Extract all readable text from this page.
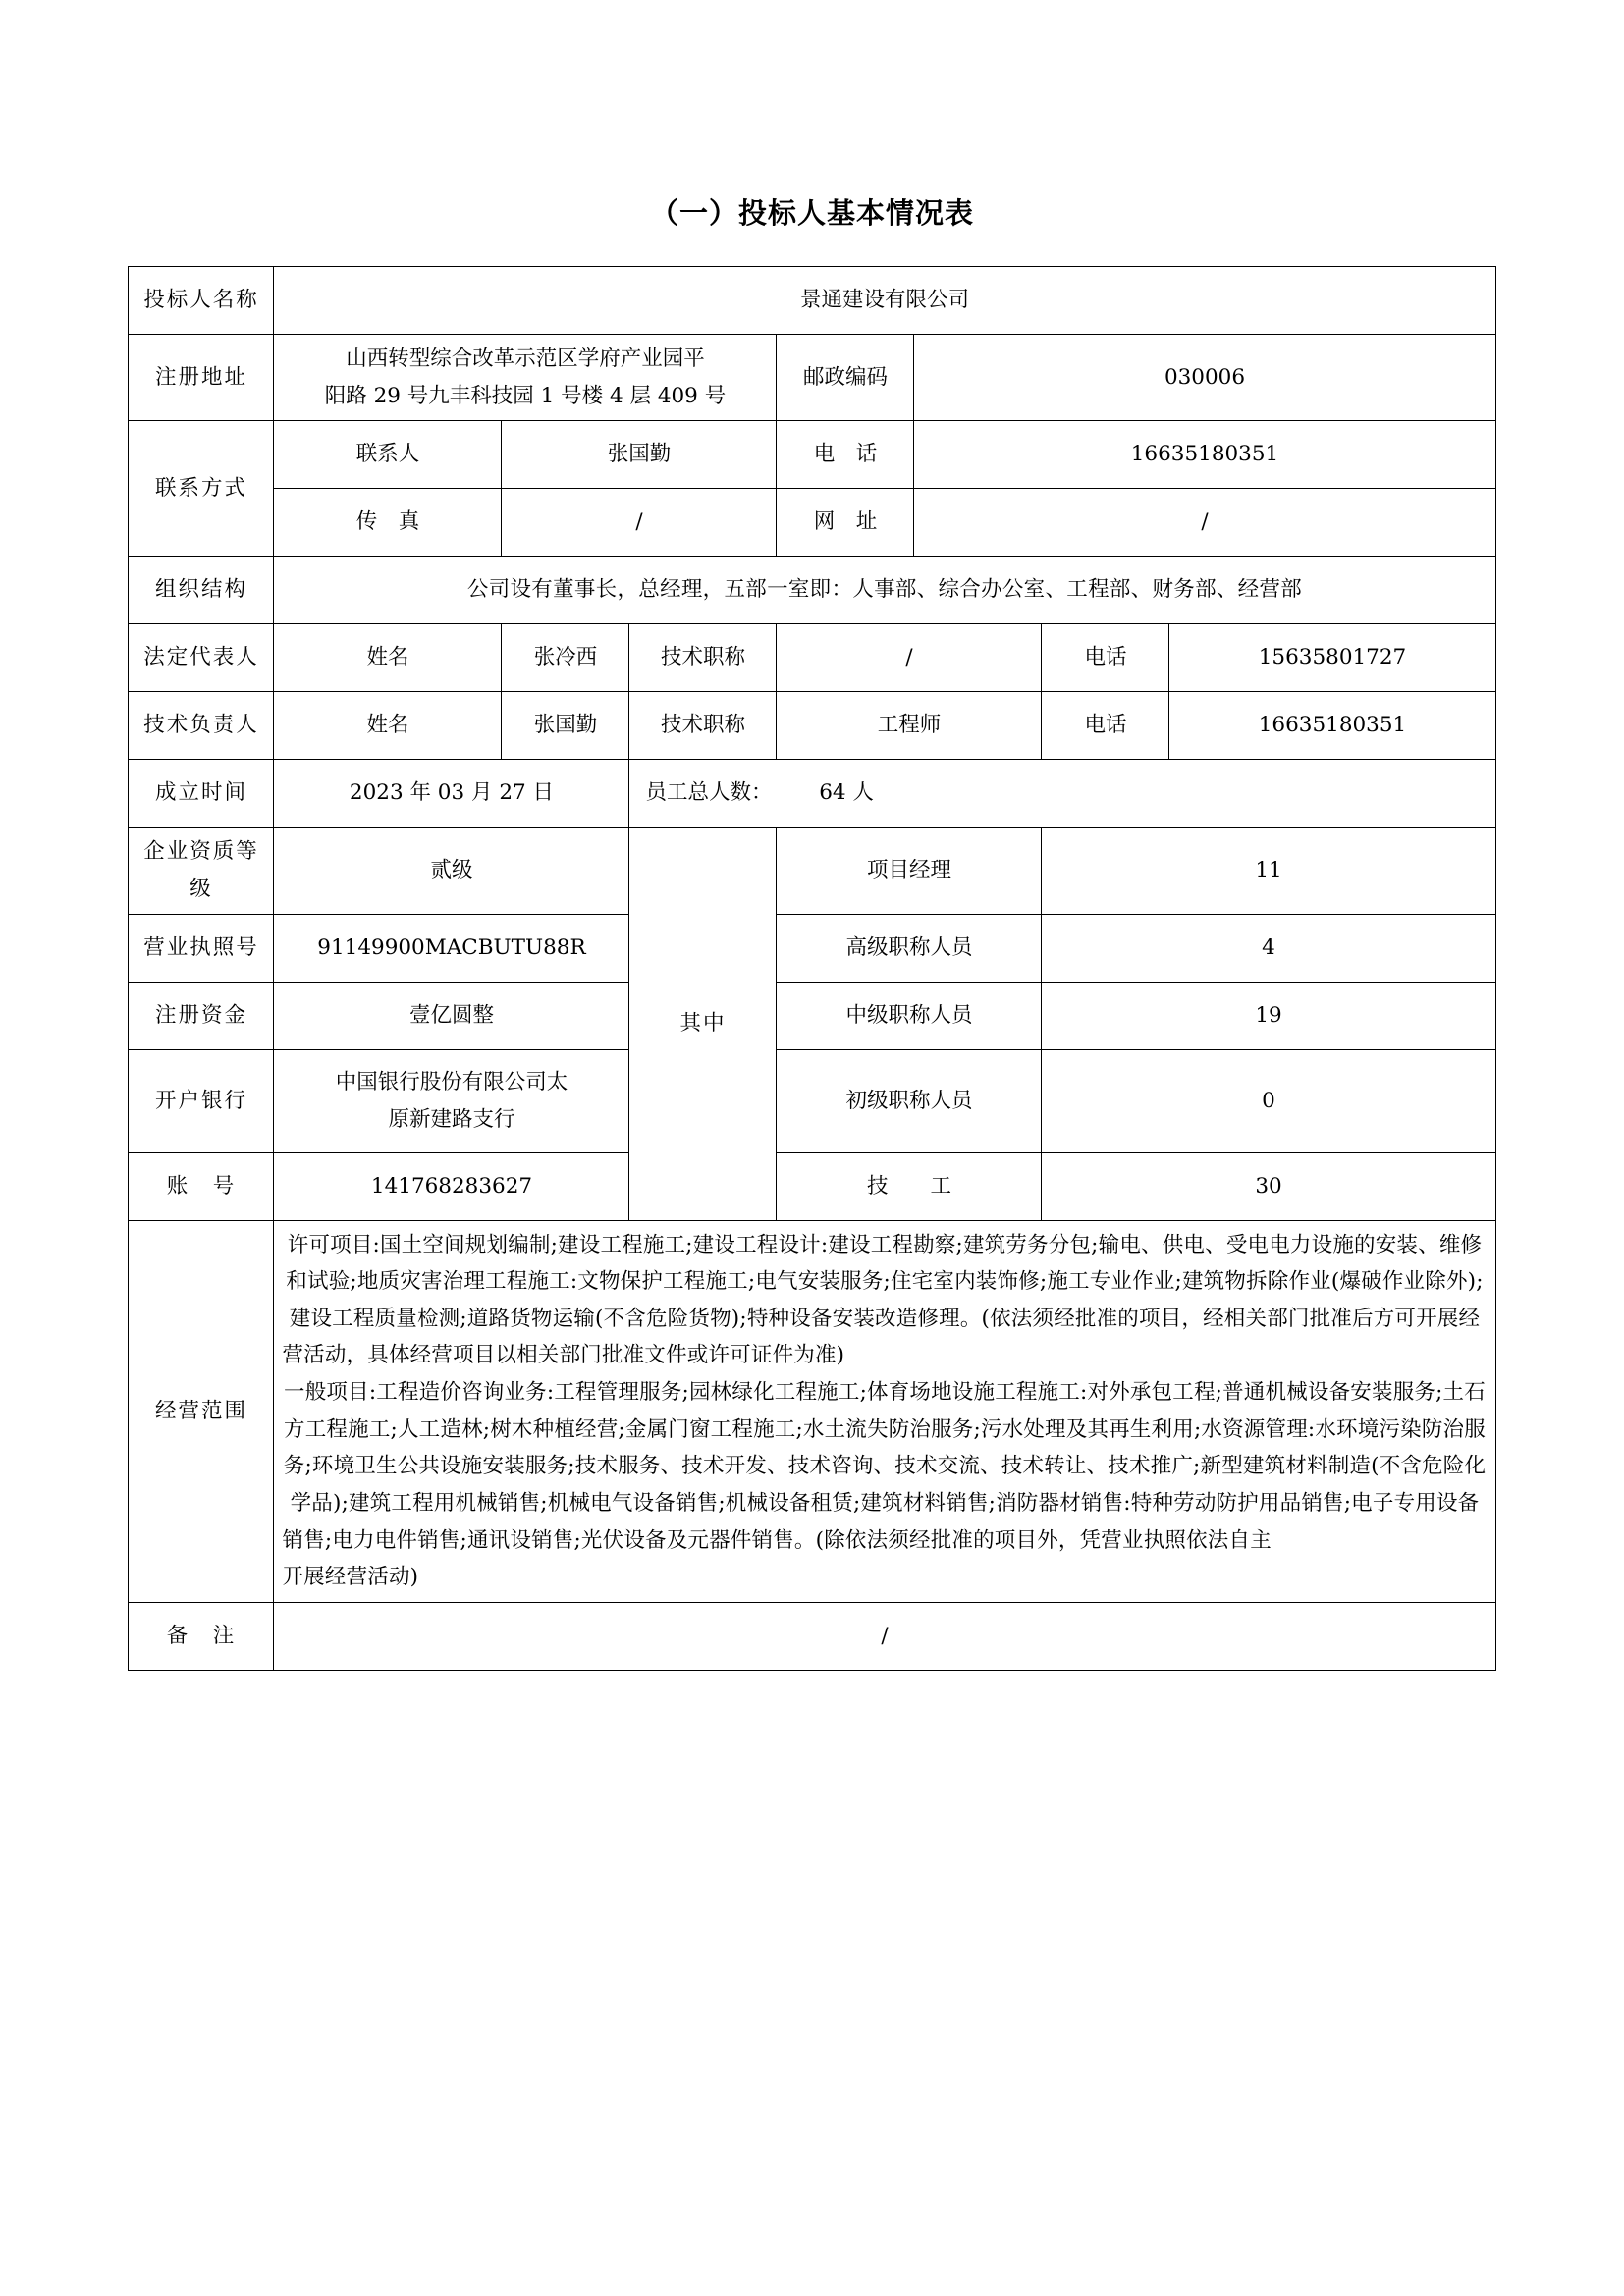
（一）投标人基本情况表
投标人名称	景通建设有限公司						
注册地址	山西转型综合改革示范区学府产业园平
阳路 29 号九丰科技园 1 号楼 4 层 409 号			邮政编码	030006		
联系方式	联系人	张国勤		电　话	16635180351		
	传　真	/		网　址	/		
组织结构	公司设有董事长，总经理，五部一室即：人事部、综合办公室、工程部、财务部、经营部						
法定代表人	姓名	张冷西	技术职称	/		电话	15635801727
技术负责人	姓名	张国勤	技术职称	工程师		电话	16635180351
成立时间	2023 年 03 月 27 日		员工总人数： 64 人				
企业资质等级	贰级		其中	项目经理		11	
营业执照号	91149900MACBUTU88R			高级职称人员		4	
注册资金	壹亿圆整			中级职称人员		19	
开户银行	中国银行股份有限公司太
原新建路支行			初级职称人员		0	
账　号	141768283627			技　　工		30	
经营范围	许可项目:国土空间规划编制;建设工程施工;建设工程设计:建设工程勘察;建筑劳务分包;输电、供电、受电电力设施的安装、维修和试验;地质灾害治理工程施工:文物保护工程施工;电气安装服务;住宅室内装饰修;施工专业作业;建筑物拆除作业(爆破作业除外);建设工程质量检测;道路货物运输(不含危险货物);特种设备安装改造修理。(依法须经批准的项目，经相关部门批准后方可开展经营活动，具体经营项目以相关部门批准文件或许可证件为准)

一般项目:工程造价咨询业务:工程管理服务;园林绿化工程施工;体育场地设施工程施工:对外承包工程;普通机械设备安装服务;土石方工程施工;人工造林;树木种植经营;金属门窗工程施工;水土流失防治服务;污水处理及其再生利用;水资源管理:水环境污染防治服务;环境卫生公共设施安装服务;技术服务、技术开发、技术咨询、技术交流、技术转让、技术推广;新型建筑材料制造(不含危险化学品);建筑工程用机械销售;机械电气设备销售;机械设备租赁;建筑材料销售;消防器材销售:特种劳动防护用品销售;电子专用设备销售;电力电件销售;通讯设销售;光伏设备及元器件销售。(除依法须经批准的项目外，凭营业执照依法自主

开展经营活动)						

备　注	/						
